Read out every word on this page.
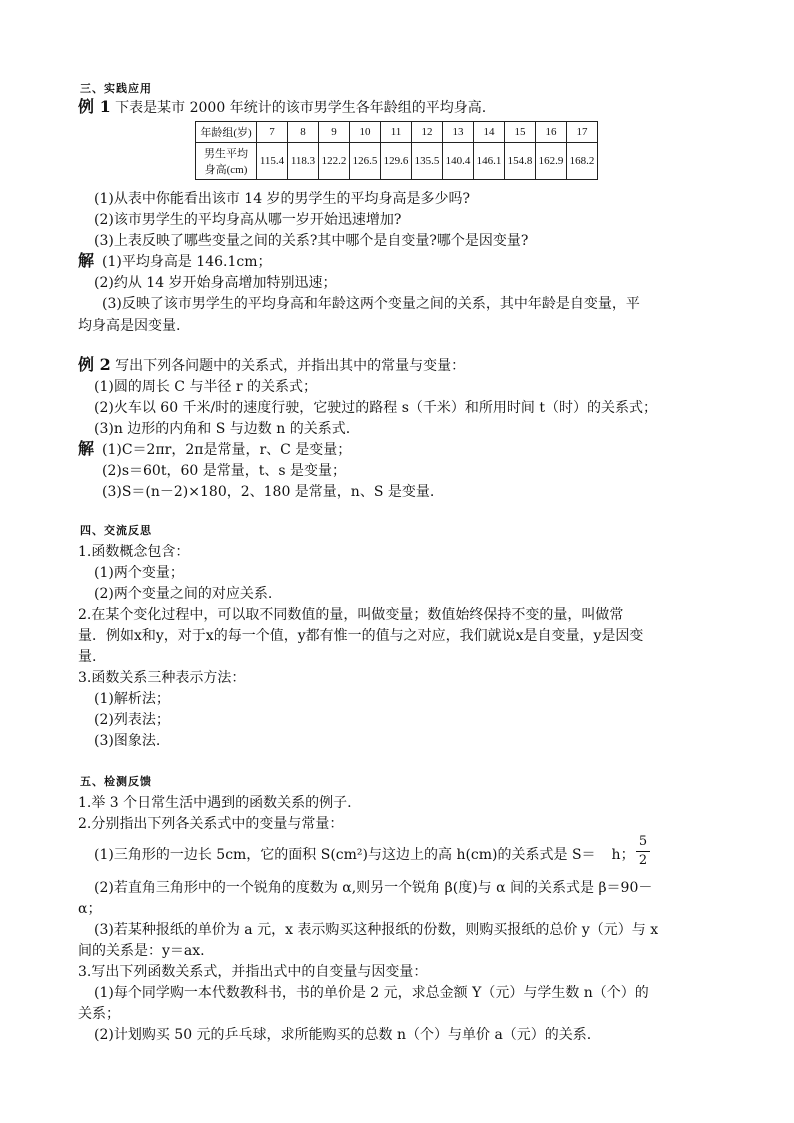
三、实践应用
例 1 下表是某市 2000 年统计的该市男学生各年龄组的平均身高.
年龄组(岁)	7	8	9	10	11	12	13	14	15	16	17

男生平均
身高(cm)	115.4	118.3	122.2	126.5	129.6	135.5	140.4	146.1	154.8	162.9	168.2
(1)从表中你能看出该市 14 岁的男学生的平均身高是多少吗?
(2)该市男学生的平均身高从哪一岁开始迅速增加?
(3)上表反映了哪些变量之间的关系?其中哪个是自变量?哪个是因变量?
解 (1)平均身高是 146.1cm；
(2)约从 14 岁开始身高增加特别迅速；
(3)反映了该市男学生的平均身高和年龄这两个变量之间的关系，其中年龄是自变量，平
均身高是因变量.
例 2 写出下列各问题中的关系式，并指出其中的常量与变量：
(1)圆的周长 C 与半径 r 的关系式；
(2)火车以 60 千米/时的速度行驶，它驶过的路程 s（千米）和所用时间 t（时）的关系式；
(3)n 边形的内角和 S 与边数 n 的关系式.
解 (1)C＝2πr，2π是常量，r、C 是变量；
(2)s＝60t，60 是常量，t、s 是变量；
(3)S＝(n－2)×180，2、180 是常量，n、S 是变量.
四、交流反思
1.函数概念包含：
(1)两个变量；
(2)两个变量之间的对应关系.
2.在某个变化过程中，可以取不同数值的量，叫做变量；数值始终保持不变的量，叫做常
量．例如x和y，对于x的每一个值，y都有惟一的值与之对应，我们就说x是自变量，y是因变
量.
3.函数关系三种表示方法：
(1)解析法；
(2)列表法；
(3)图象法.
五、检测反馈
1.举 3 个日常生活中遇到的函数关系的例子.
2.分别指出下列各关系式中的变量与常量：
(1)三角形的一边长 5cm，它的面积 S(cm²)与这边上的高 h(cm)的关系式是 S＝ h；
5
2
(2)若直角三角形中的一个锐角的度数为 α,则另一个锐角 β(度)与 α 间的关系式是 β＝90－
α；
(3)若某种报纸的单价为 a 元，x 表示购买这种报纸的份数，则购买报纸的总价 y（元）与 x
间的关系是：y＝ax.
3.写出下列函数关系式，并指出式中的自变量与因变量：
(1)每个同学购一本代数教科书，书的单价是 2 元，求总金额 Y（元）与学生数 n（个）的
关系；
(2)计划购买 50 元的乒乓球，求所能购买的总数 n（个）与单价 a（元）的关系.
